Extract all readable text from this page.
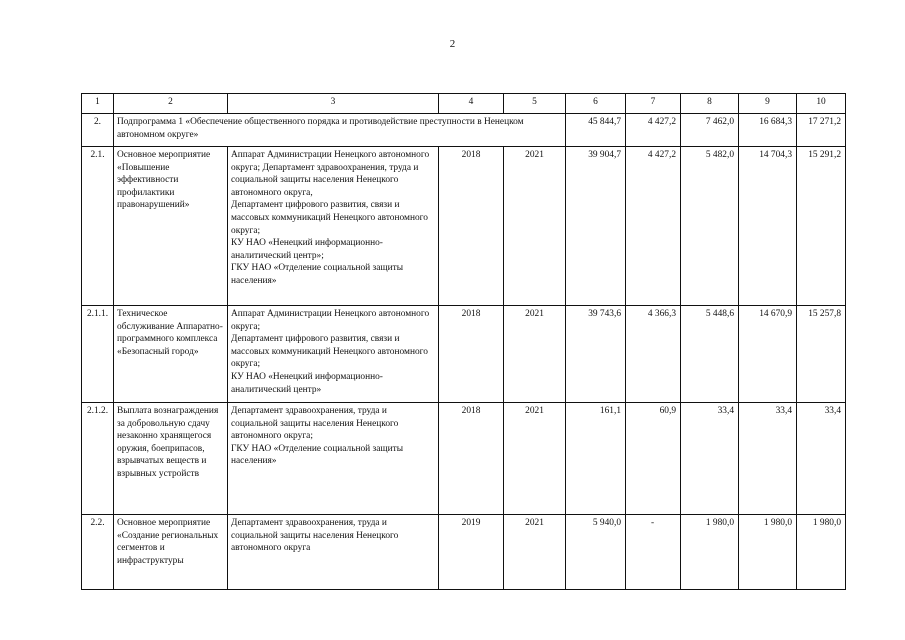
2
1	2	3	4	5	6	7	8	9	10
2.	Подпрограмма 1 «Обеспечение общественного порядка и противодействие преступности в Ненецком автономном округе»				45 844,7	4 427,2	7 462,0	16 684,3	17 271,2
2.1.	Основное мероприятие «Повышение эффективности профилактики правонарушений»	Аппарат Администрации Ненецкого автономного округа; Департамент здравоохранения, труда и социальной защиты населения Ненецкого автономного округа,
Департамент цифрового развития, связи и массовых коммуникаций Ненецкого автономного округа;
КУ НАО «Ненецкий информационно-аналитический центр»;
ГКУ НАО «Отделение социальной защиты населения»	2018	2021	39 904,7	4 427,2	5 482,0	14 704,3	15 291,2
2.1.1.	Техническое обслуживание Аппаратно-программного комплекса «Безопасный город»	Аппарат Администрации Ненецкого автономного округа;
Департамент цифрового развития, связи и массовых коммуникаций Ненецкого автономного округа;
КУ НАО «Ненецкий информационно-аналитический центр»	2018	2021	39 743,6	4 366,3	5 448,6	14 670,9	15 257,8
2.1.2.	Выплата вознаграждения за добровольную сдачу незаконно хранящегося оружия, боеприпасов, взрывчатых веществ и взрывных устройств	Департамент здравоохранения, труда и социальной защиты населения Ненецкого автономного округа;
ГКУ НАО «Отделение социальной защиты населения»	2018	2021	161,1	60,9	33,4	33,4	33,4
2.2.	Основное мероприятие «Создание региональных сегментов и инфраструктуры	Департамент здравоохранения, труда и социальной защиты населения Ненецкого автономного округа	2019	2021	5 940,0	-	1 980,0	1 980,0	1 980,0
